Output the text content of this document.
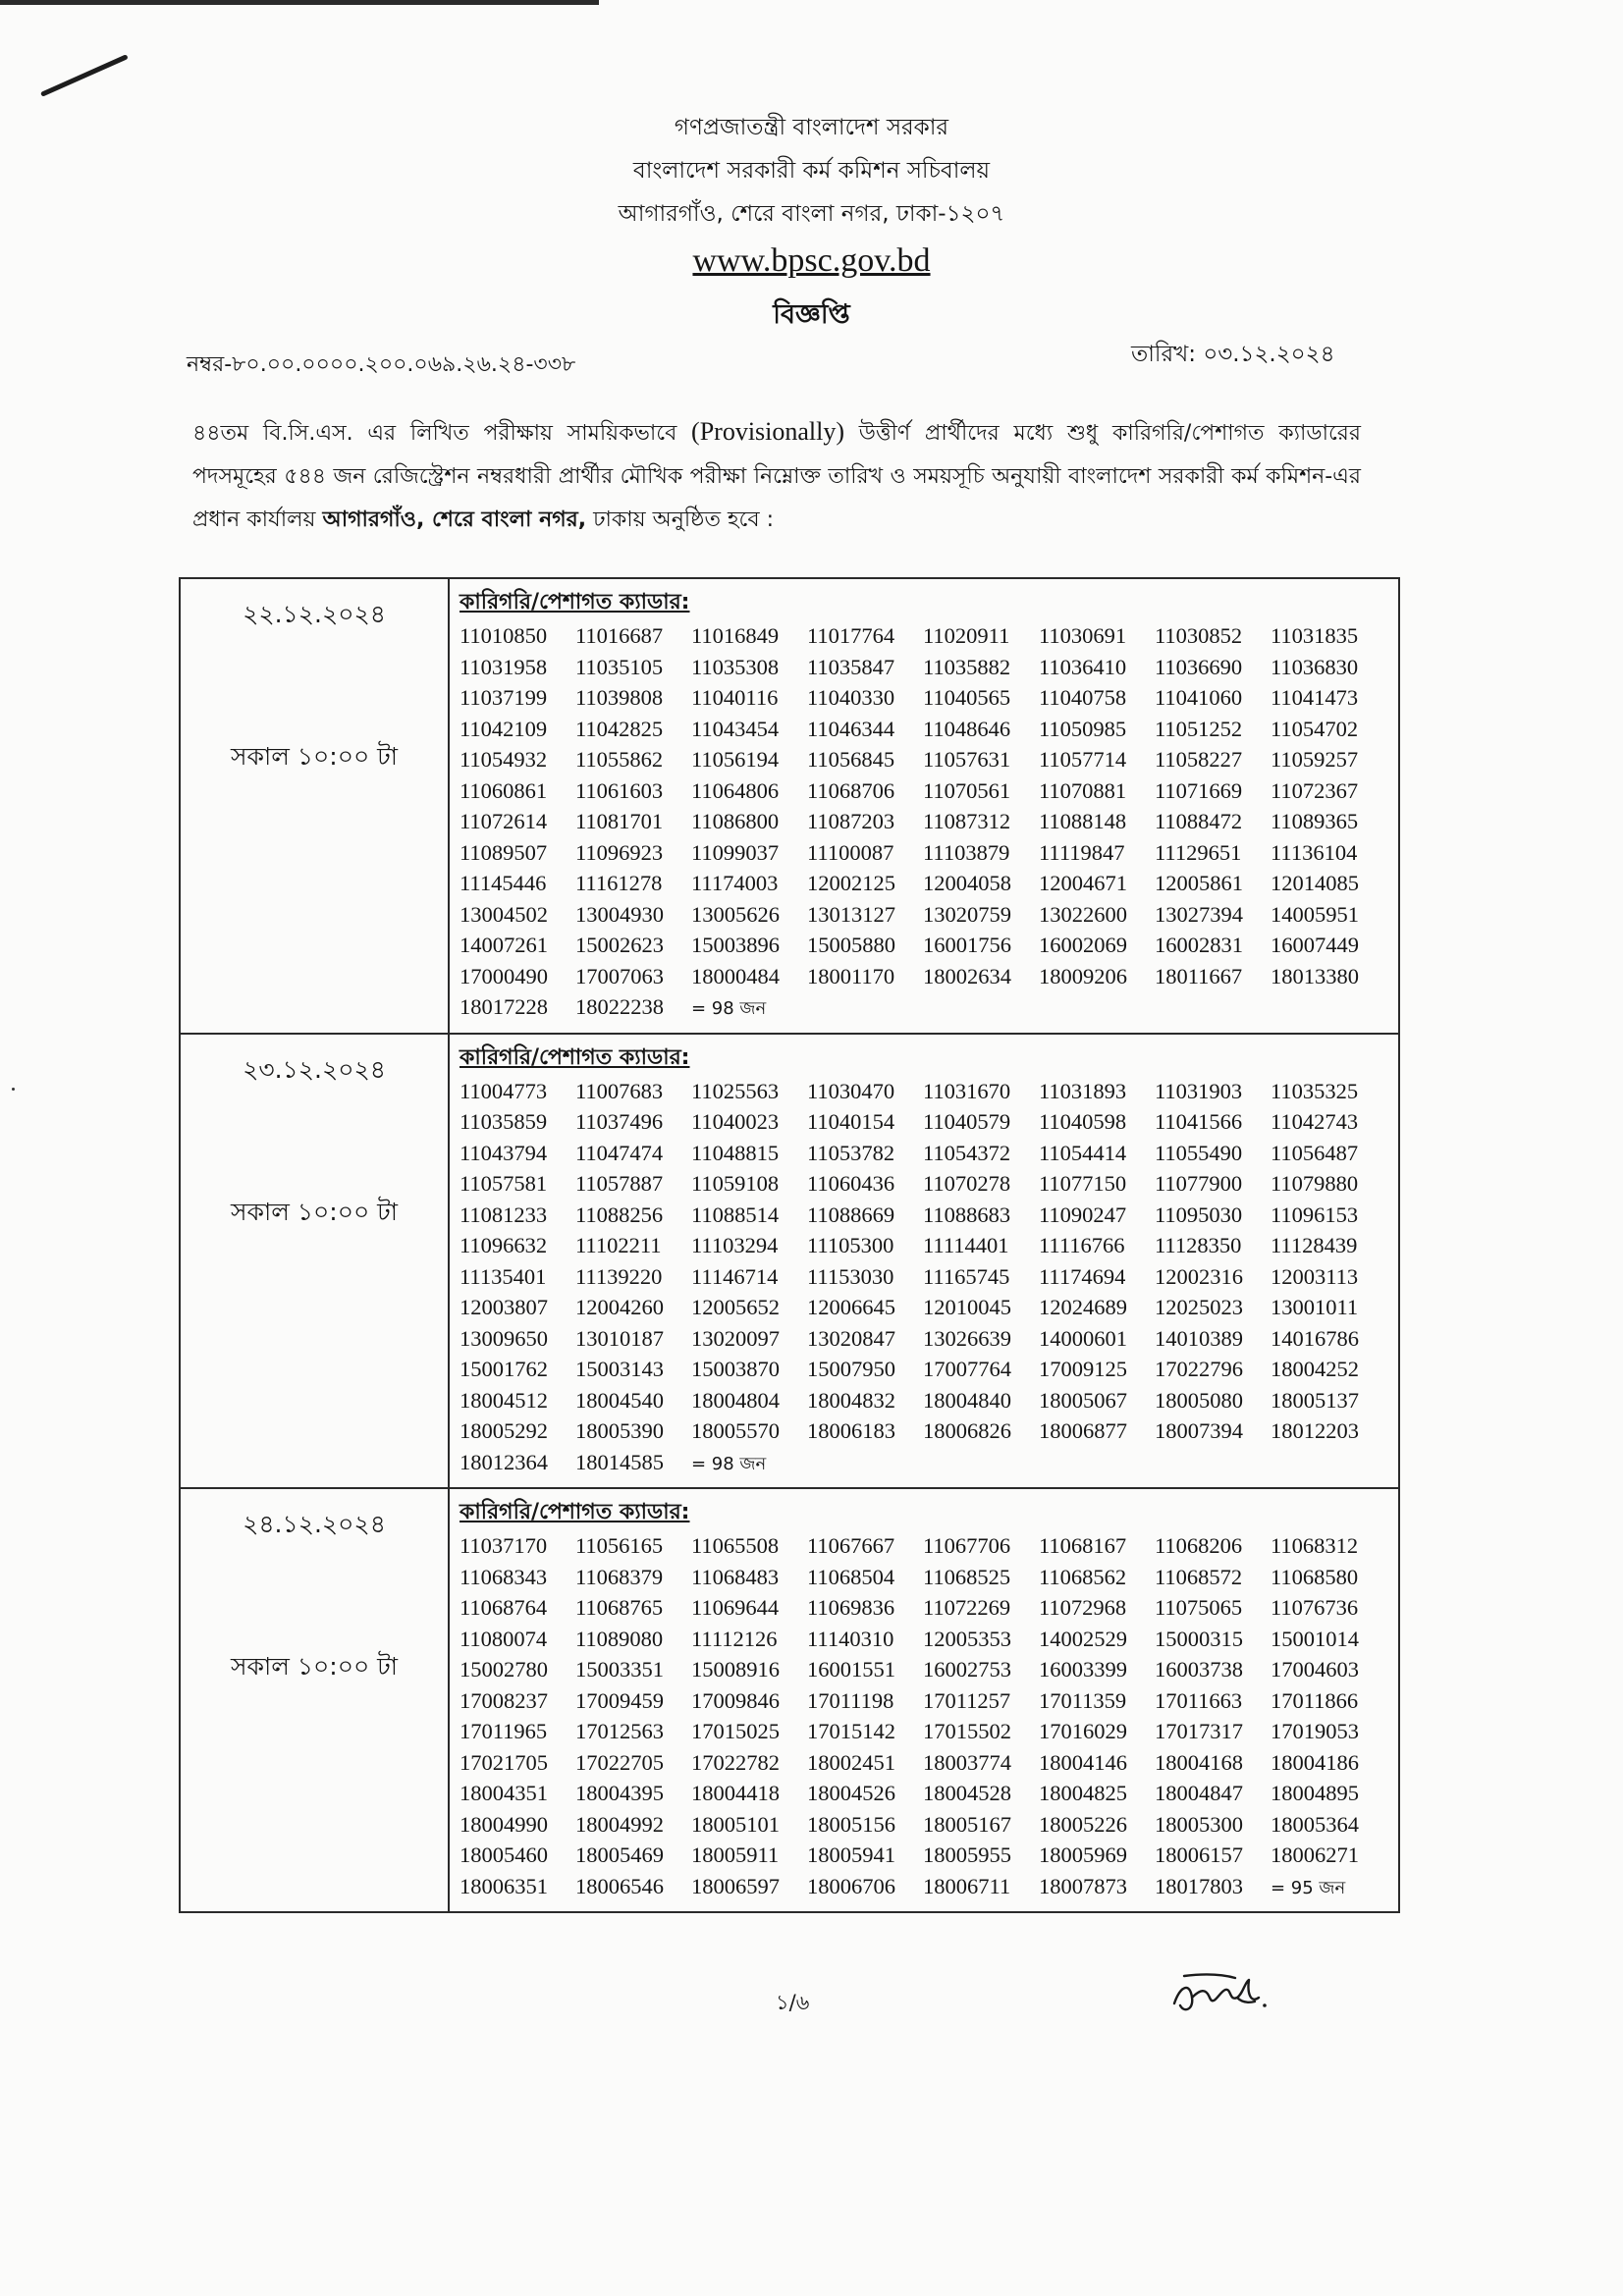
গণপ্রজাতন্ত্রী বাংলাদেশ সরকার
বাংলাদেশ সরকারী কর্ম কমিশন সচিবালয়
আগারগাঁও, শেরে বাংলা নগর, ঢাকা-১২০৭
www.bpsc.gov.bd
বিজ্ঞপ্তি
নম্বর-৮০.০০.০০০০.২০০.০৬৯.২৬.২৪-৩৩৮	তারিখ: ০৩.১২.২০২৪
৪৪তম বি.সি.এস. এর লিখিত পরীক্ষায় সাময়িকভাবে (Provisionally) উত্তীর্ণ প্রার্থীদের মধ্যে শুধু কারিগরি/পেশাগত ক্যাডারের পদসমূহের ৫৪৪ জন রেজিস্ট্রেশন নম্বরধারী প্রার্থীর মৌখিক পরীক্ষা নিম্নোক্ত তারিখ ও সময়সূচি অনুযায়ী বাংলাদেশ সরকারী কর্ম কমিশন-এর প্রধান কার্যালয় আগারগাঁও, শেরে বাংলা নগর, ঢাকায় অনুষ্ঠিত হবে :
২২.১২.২০২৪
সকাল ১০:০০ টা
কারিগরি/পেশাগত ক্যাডার:
11010850 11016687 11016849 11017764 11020911 11030691 11030852 1103183511031958 11035105 11035308 11035847 11035882 11036410 11036690 1103683011037199 11039808 11040116 11040330 11040565 11040758 11041060 1104147311042109 11042825 11043454 11046344 11048646 11050985 11051252 1105470211054932 11055862 11056194 11056845 11057631 11057714 11058227 1105925711060861 11061603 11064806 11068706 11070561 11070881 11071669 1107236711072614 11081701 11086800 11087203 11087312 11088148 11088472 1108936511089507 11096923 11099037 11100087 11103879 11119847 11129651 1113610411145446 11161278 11174003 12002125 12004058 12004671 12005861 1201408513004502 13004930 13005626 13013127 13020759 13022600 13027394 1400595114007261 15002623 15003896 15005880 16001756 16002069 16002831 1600744917000490 17007063 18000484 18001170 18002634 18009206 18011667 1801338018017228 18022238 = 98 জন
২৩.১২.২০২৪
সকাল ১০:০০ টা
কারিগরি/পেশাগত ক্যাডার:
11004773 11007683 11025563 11030470 11031670 11031893 11031903 1103532511035859 11037496 11040023 11040154 11040579 11040598 11041566 1104274311043794 11047474 11048815 11053782 11054372 11054414 11055490 1105648711057581 11057887 11059108 11060436 11070278 11077150 11077900 1107988011081233 11088256 11088514 11088669 11088683 11090247 11095030 1109615311096632 11102211 11103294 11105300 11114401 11116766 11128350 1112843911135401 11139220 11146714 11153030 11165745 11174694 12002316 1200311312003807 12004260 12005652 12006645 12010045 12024689 12025023 1300101113009650 13010187 13020097 13020847 13026639 14000601 14010389 1401678615001762 15003143 15003870 15007950 17007764 17009125 17022796 1800425218004512 18004540 18004804 18004832 18004840 18005067 18005080 1800513718005292 18005390 18005570 18006183 18006826 18006877 18007394 1801220318012364 18014585 = 98 জন
২৪.১২.২০২৪
সকাল ১০:০০ টা
কারিগরি/পেশাগত ক্যাডার:
11037170 11056165 11065508 11067667 11067706 11068167 11068206 1106831211068343 11068379 11068483 11068504 11068525 11068562 11068572 1106858011068764 11068765 11069644 11069836 11072269 11072968 11075065 1107673611080074 11089080 11112126 11140310 12005353 14002529 15000315 1500101415002780 15003351 15008916 16001551 16002753 16003399 16003738 1700460317008237 17009459 17009846 17011198 17011257 17011359 17011663 1701186617011965 17012563 17015025 17015142 17015502 17016029 17017317 1701905317021705 17022705 17022782 18002451 18003774 18004146 18004168 1800418618004351 18004395 18004418 18004526 18004528 18004825 18004847 1800489518004990 18004992 18005101 18005156 18005167 18005226 18005300 1800536418005460 18005469 18005911 18005941 18005955 18005969 18006157 1800627118006351 18006546 18006597 18006706 18006711 18007873 18017803 = 95 জন
১/৬
